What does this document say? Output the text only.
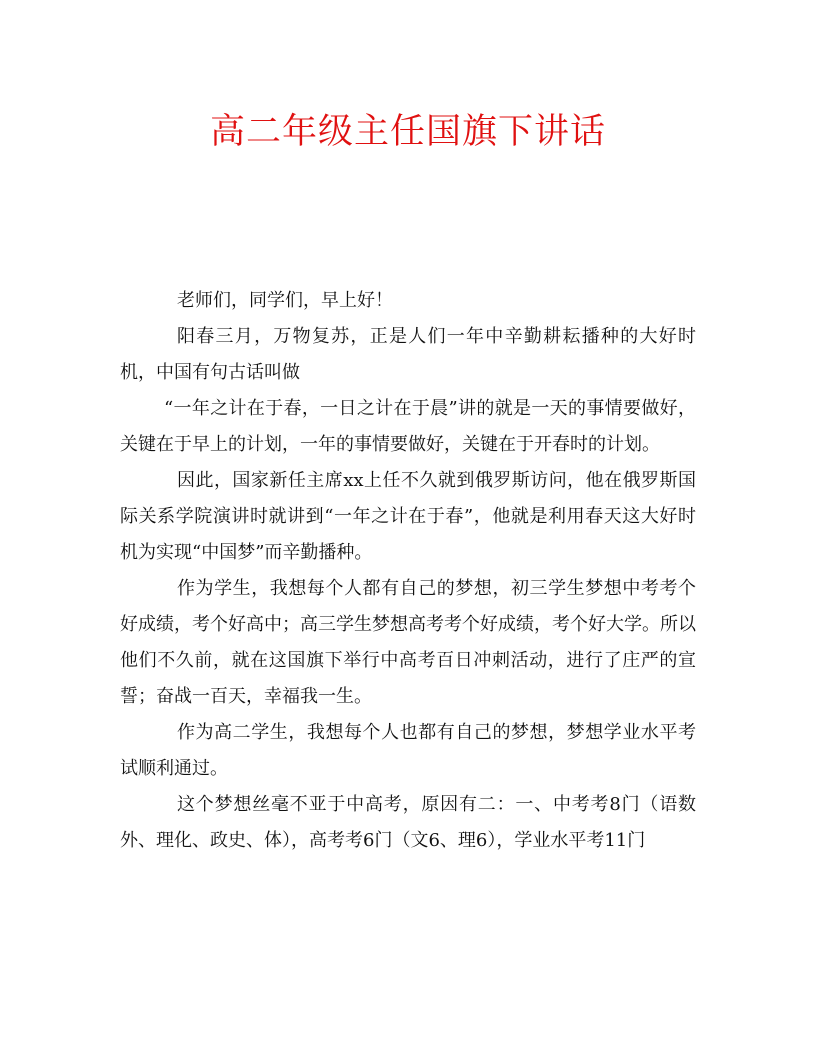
高二年级主任国旗下讲话

老师们，同学们，早上好！

阳春三月，万物复苏，正是人们一年中辛勤耕耘播种的大好时机，中国有句古话叫做

“一年之计在于春，一日之计在于晨”讲的就是一天的事情要做好，关键在于早上的计划，一年的事情要做好，关键在于开春时的计划。

因此，国家新任主席xx上任不久就到俄罗斯访问，他在俄罗斯国际关系学院演讲时就讲到“一年之计在于春”，他就是利用春天这大好时机为实现“中国梦”而辛勤播种。

作为学生，我想每个人都有自己的梦想，初三学生梦想中考考个好成绩，考个好高中；高三学生梦想高考考个好成绩，考个好大学。所以他们不久前，就在这国旗下举行中高考百日冲刺活动，进行了庄严的宣誓；奋战一百天，幸福我一生。

作为高二学生，我想每个人也都有自己的梦想，梦想学业水平考试顺利通过。

这个梦想丝毫不亚于中高考，原因有二：一、中考考8门（语数外、理化、政史、体），高考考6门（文6、理6），学业水平考11门
